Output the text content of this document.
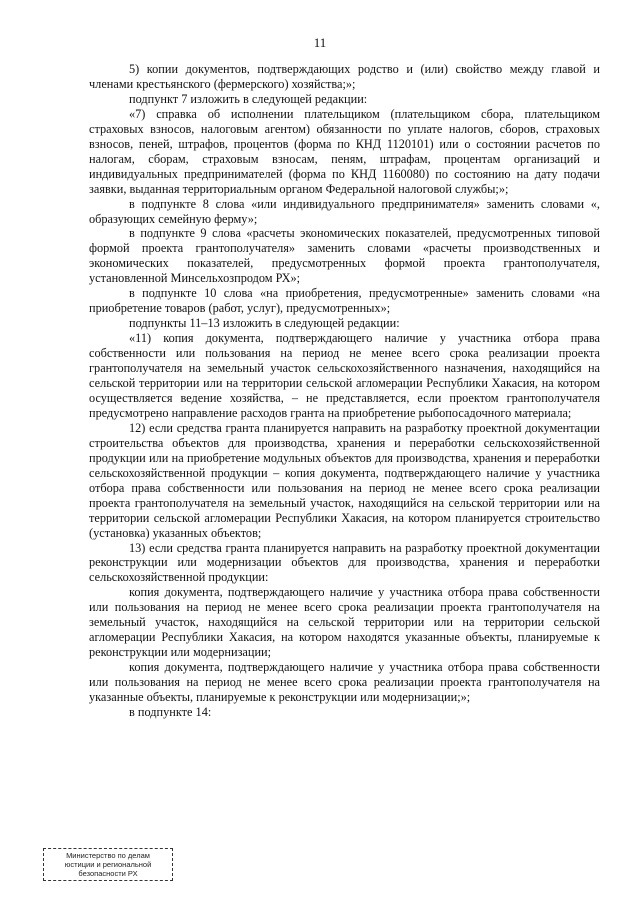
11

5) копии документов, подтверждающих родство и (или) свойство между главой и членами крестьянского (фермерского) хозяйства;»;

подпункт 7 изложить в следующей редакции:

«7) справка об исполнении плательщиком (плательщиком сбора, плательщиком страховых взносов, налоговым агентом) обязанности по уплате налогов, сборов, страховых взносов, пеней, штрафов, процентов (форма по КНД 1120101) или о состоянии расчетов по налогам, сборам, страховым взносам, пеням, штрафам, процентам организаций и индивидуальных предпринимателей (форма по КНД 1160080) по состоянию на дату подачи заявки, выданная территориальным органом Федеральной налоговой службы;»;

в подпункте 8 слова «или индивидуального предпринимателя» заменить словами «, образующих семейную ферму»;

в подпункте 9 слова «расчеты экономических показателей, предусмотренных типовой формой проекта грантополучателя» заменить словами «расчеты производственных и экономических показателей, предусмотренных формой проекта грантополучателя, установленной Минсельхозпродом РХ»;

в подпункте 10 слова «на приобретения, предусмотренные» заменить словами «на приобретение товаров (работ, услуг), предусмотренных»;

подпункты 11–13 изложить в следующей редакции:

«11) копия документа, подтверждающего наличие у участника отбора права собственности или пользования на период не менее всего срока реализации проекта грантополучателя на земельный участок сельскохозяйственного назначения, находящийся на сельской территории или на территории сельской агломерации Республики Хакасия, на котором осуществляется ведение хозяйства, – не представляется, если проектом грантополучателя предусмотрено направление расходов гранта на приобретение рыбопосадочного материала;

12) если средства гранта планируется направить на разработку проектной документации строительства объектов для производства, хранения и переработки сельскохозяйственной продукции или на приобретение модульных объектов для производства, хранения и переработки сельскохозяйственной продукции – копия документа, подтверждающего наличие у участника отбора права собственности или пользования на период не менее всего срока реализации проекта грантополучателя на земельный участок, находящийся на сельской территории или на территории сельской агломерации Республики Хакасия, на котором планируется строительство (установка) указанных объектов;

13) если средства гранта планируется направить на разработку проектной документации реконструкции или модернизации объектов для производства, хранения и переработки сельскохозяйственной продукции:

копия документа, подтверждающего наличие у участника отбора права собственности или пользования на период не менее всего срока реализации проекта грантополучателя на земельный участок, находящийся на сельской территории или на территории сельской агломерации Республики Хакасия, на котором находятся указанные объекты, планируемые к реконструкции или модернизации;

копия документа, подтверждающего наличие у участника отбора права собственности или пользования на период не менее всего срока реализации проекта грантополучателя на указанные объекты, планируемые к реконструкции или модернизации;»;

в подпункте 14:

Министерство по делам
юстиции и региональной
безопасности РХ
